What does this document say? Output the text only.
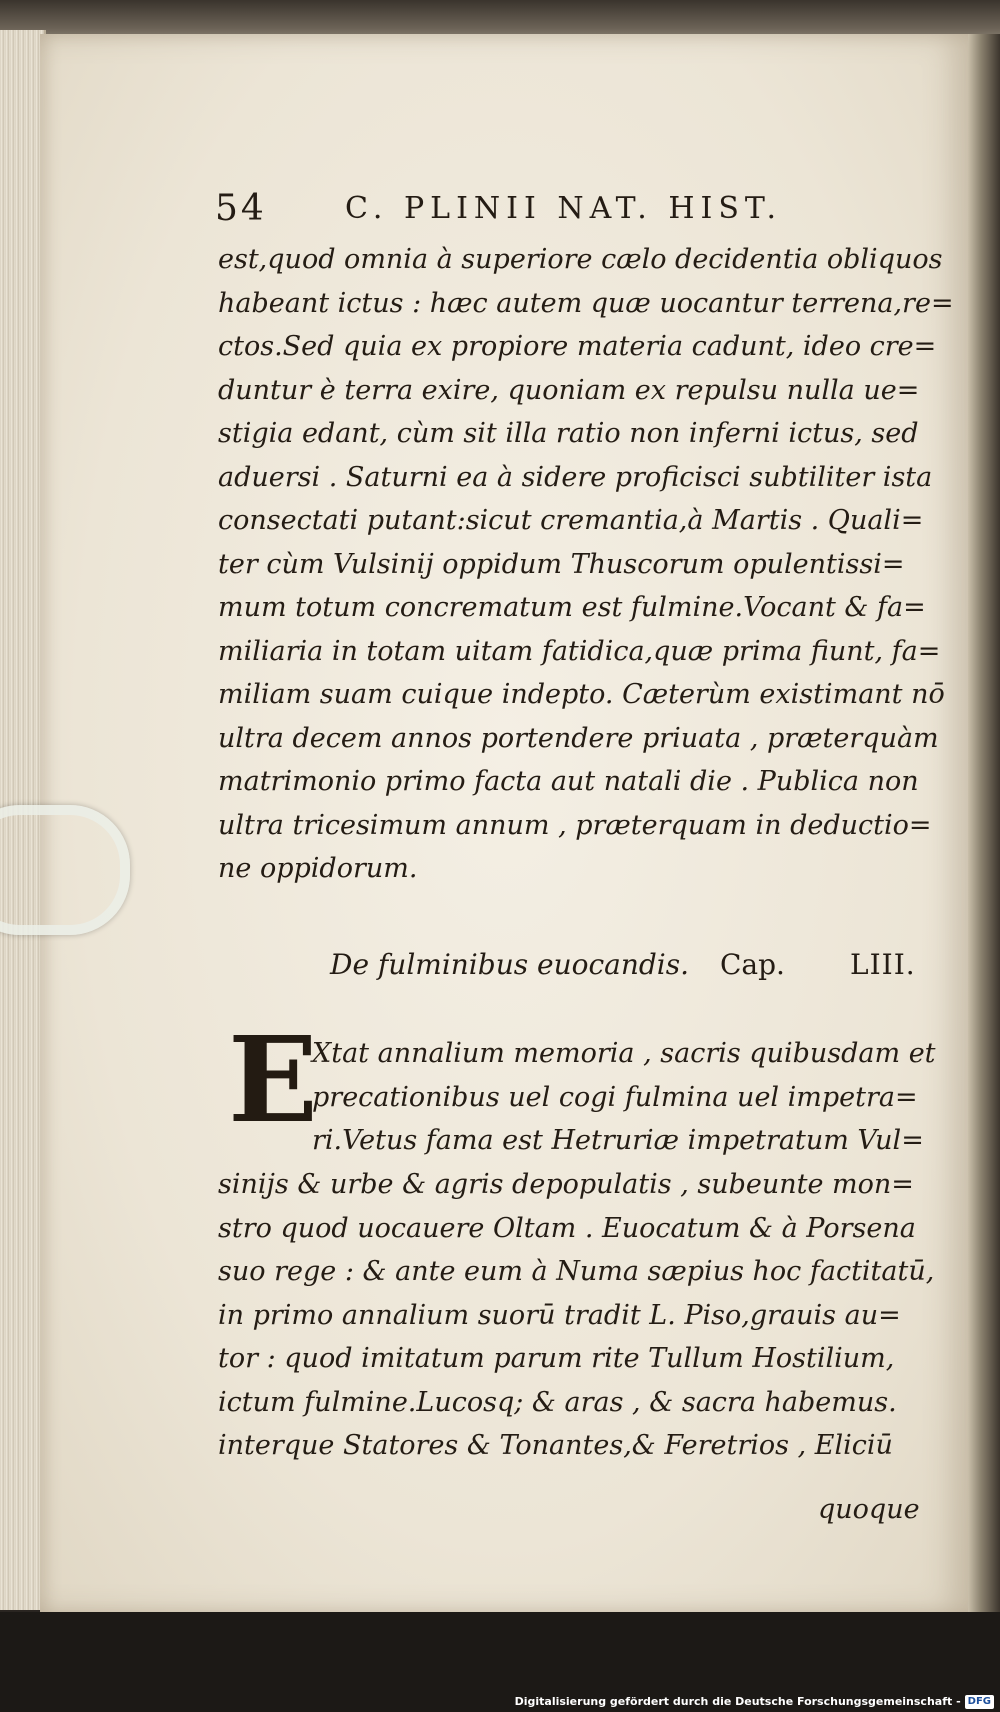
54	C. PLINII NAT. HIST.
est,quod omnia à superiore cælo decidentia obliquos
habeant ictus : hæc autem quæ uocantur terrena,re=
ctos.Sed quia ex propiore materia cadunt, ideo cre=
duntur è terra exire, quoniam ex repulsu nulla ue=
stigia edant, cùm sit illa ratio non inferni ictus, sed
aduersi . Saturni ea à sidere proficisci subtiliter ista
consectati putant:sicut cremantia,à Martis . Quali=
ter cùm Vulsinij oppidum Thuscorum opulentissi=
mum totum concrematum est fulmine.Vocant & fa=
miliaria in totam uitam fatidica,quæ prima fiunt, fa=
miliam suam cuique indepto. Cæterùm existimant nō
ultra decem annos portendere priuata , præterquàm
matrimonio primo facta aut natali die . Publica non
ultra tricesimum annum , præterquam in deductio=
ne oppidorum.
De fulminibus euocandis. Cap. LIII.
E
Xtat annalium memoria , sacris quibusdam et
precationibus uel cogi fulmina uel impetra=
ri.Vetus fama est Hetruriæ impetratum Vul=
sinijs & urbe & agris depopulatis , subeunte mon=
stro quod uocauere Oltam . Euocatum & à Porsena
suo rege : & ante eum à Numa sæpius hoc factitatū,
in primo annalium suorū tradit L. Piso,grauis au=
tor : quod imitatum parum rite Tullum Hostilium,
ictum fulmine.Lucosq; & aras , & sacra habemus.
interque Statores & Tonantes,& Feretrios , Eliciū
quoque
Digitalisierung gefördert durch die Deutsche Forschungsgemeinschaft - DFG
